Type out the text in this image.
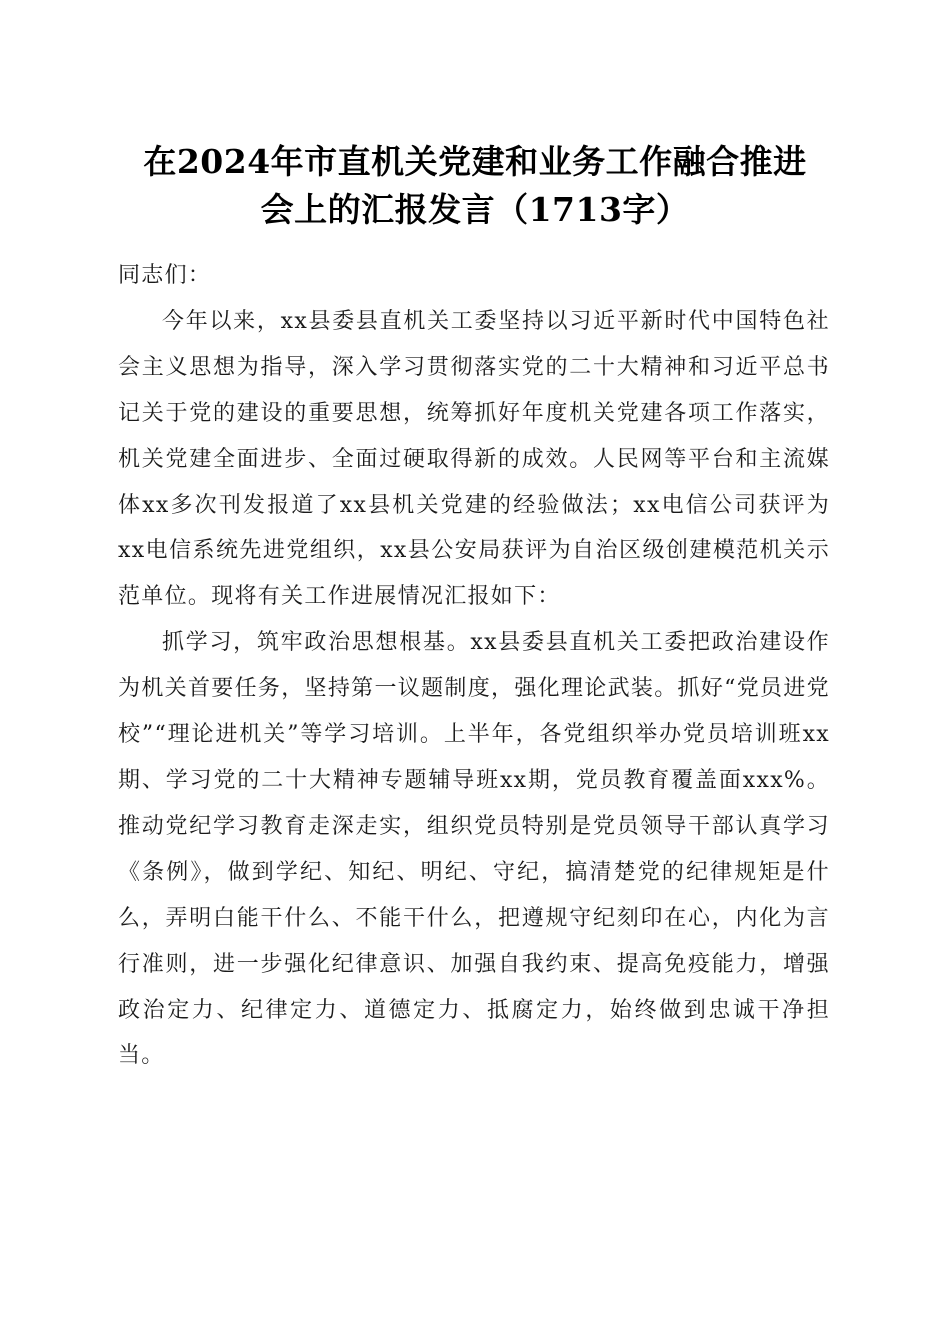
在2024年市直机关党建和业务工作融合推进
会上的汇报发言（1713字）

同志们：

今年以来，xx县委县直机关工委坚持以习近平新时代中国特色社会主义思想为指导，深入学习贯彻落实党的二十大精神和习近平总书记关于党的建设的重要思想，统筹抓好年度机关党建各项工作落实，机关党建全面进步、全面过硬取得新的成效。人民网等平台和主流媒体xx多次刊发报道了xx县机关党建的经验做法；xx电信公司获评为xx电信系统先进党组织，xx县公安局获评为自治区级创建模范机关示范单位。现将有关工作进展情况汇报如下：

抓学习，筑牢政治思想根基。xx县委县直机关工委把政治建设作为机关首要任务，坚持第一议题制度，强化理论武装。抓好“党员进党校”“理论进机关”等学习培训。上半年，各党组织举办党员培训班xx期、学习党的二十大精神专题辅导班xx期，党员教育覆盖面xxx%。推动党纪学习教育走深走实，组织党员特别是党员领导干部认真学习《条例》，做到学纪、知纪、明纪、守纪，搞清楚党的纪律规矩是什么，弄明白能干什么、不能干什么，把遵规守纪刻印在心，内化为言行准则，进一步强化纪律意识、加强自我约束、提高免疫能力，增强政治定力、纪律定力、道德定力、抵腐定力，始终做到忠诚干净担当。
